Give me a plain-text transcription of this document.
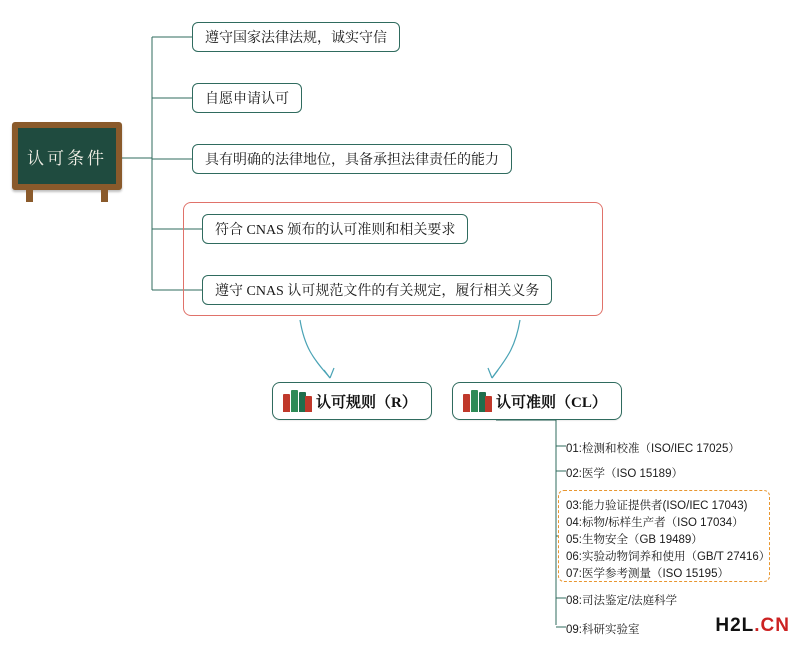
认可条件
遵守国家法律法规，诚实守信
自愿申请认可
具有明确的法律地位，具备承担法律责任的能力
符合 CNAS 颁布的认可准则和相关要求
遵守 CNAS 认可规范文件的有关规定，履行相关义务
认可规则（R）	认可准则（CL）
01:检测和校准（ISO/IEC 17025）
02:医学（ISO 15189）
03:能力验证提供者(ISO/IEC 17043)
04:标物/标样生产者（ISO 17034）
05:生物安全（GB 19489）
06:实验动物饲养和使用（GB/T 27416）
07:医学参考测量（ISO 15195）
08:司法鉴定/法庭科学
09:科研实验室	H2L.CN
